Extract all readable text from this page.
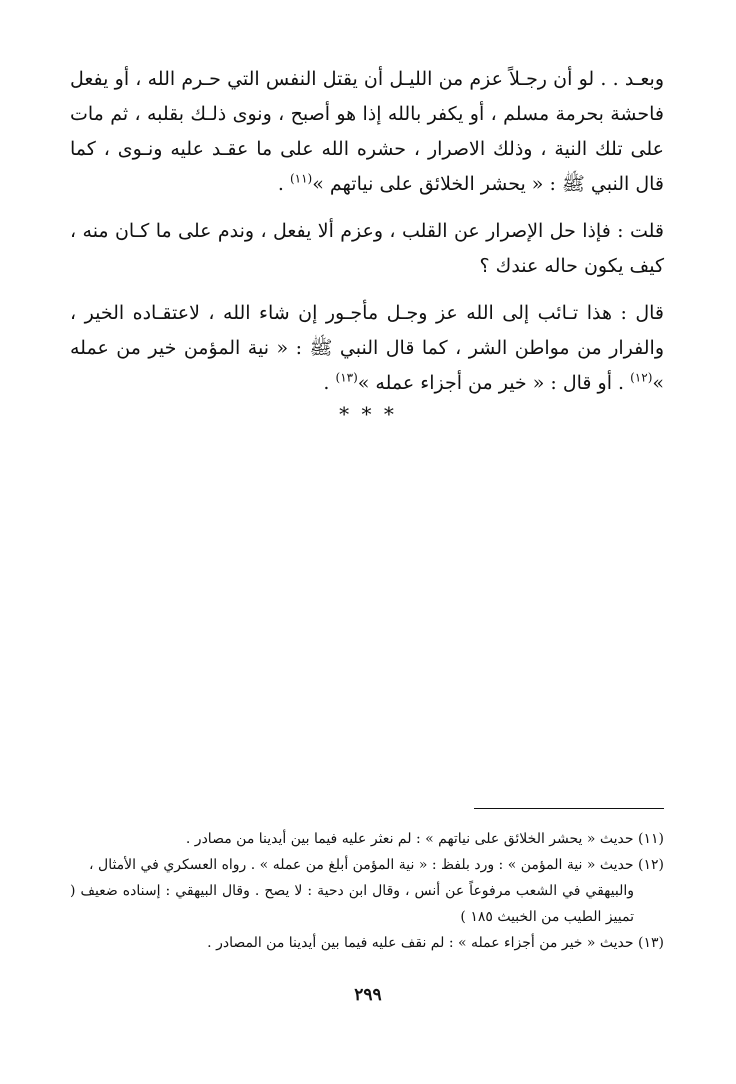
وبعـد . . لو أن رجـلاً عزم من الليـل أن يقتل النفس التي حـرم الله ، أو يفعل فاحشة بحرمة مسلم ، أو يكفر بالله إذا هو أصبح ، ونوى ذلـك بقلبه ، ثم مات على تلك النية ، وذلك الاصرار ، حشره الله على ما عقـد عليه ونـوى ، كما قال النبي ﷺ : « يحشر الخلائق على نياتهم »$^{(١١)}$ .

قلت : فإذا حل الإصرار عن القلب ، وعزم ألا يفعل ، وندم على ما كـان منه ، كيف يكون حاله عندك ؟

قال : هذا تـائب إلى الله عز وجـل مأجـور إن شاء الله ، لاعتقـاده الخير ، والفرار من مواطن الشر ، كما قال النبي ﷺ : « نية المؤمن خير من عمله »$^{(١٢)}$ . أو قال : « خير من أجزاء عمله »$^{(١٣)}$ .

* * *

(١١) حديث « يحشر الخلائق على نياتهم » : لم نعثر عليه فيما بين أيدينا من مصادر .

(١٢) حديث « نية المؤمن » : ورد بلفظ : « نية المؤمن أبلغ من عمله » . رواه العسكري في الأمثال ،

والبيهقي في الشعب مرفوعاً عن أنس ، وقال ابن دحية : لا يصح . وقال البيهقي : إسناده ضعيف ( تمييز الطيب من الخبيث ١٨٥ )

(١٣) حديث « خير من أجزاء عمله » : لم نقف عليه فيما بين أيدينا من المصادر .

٢٩٩
